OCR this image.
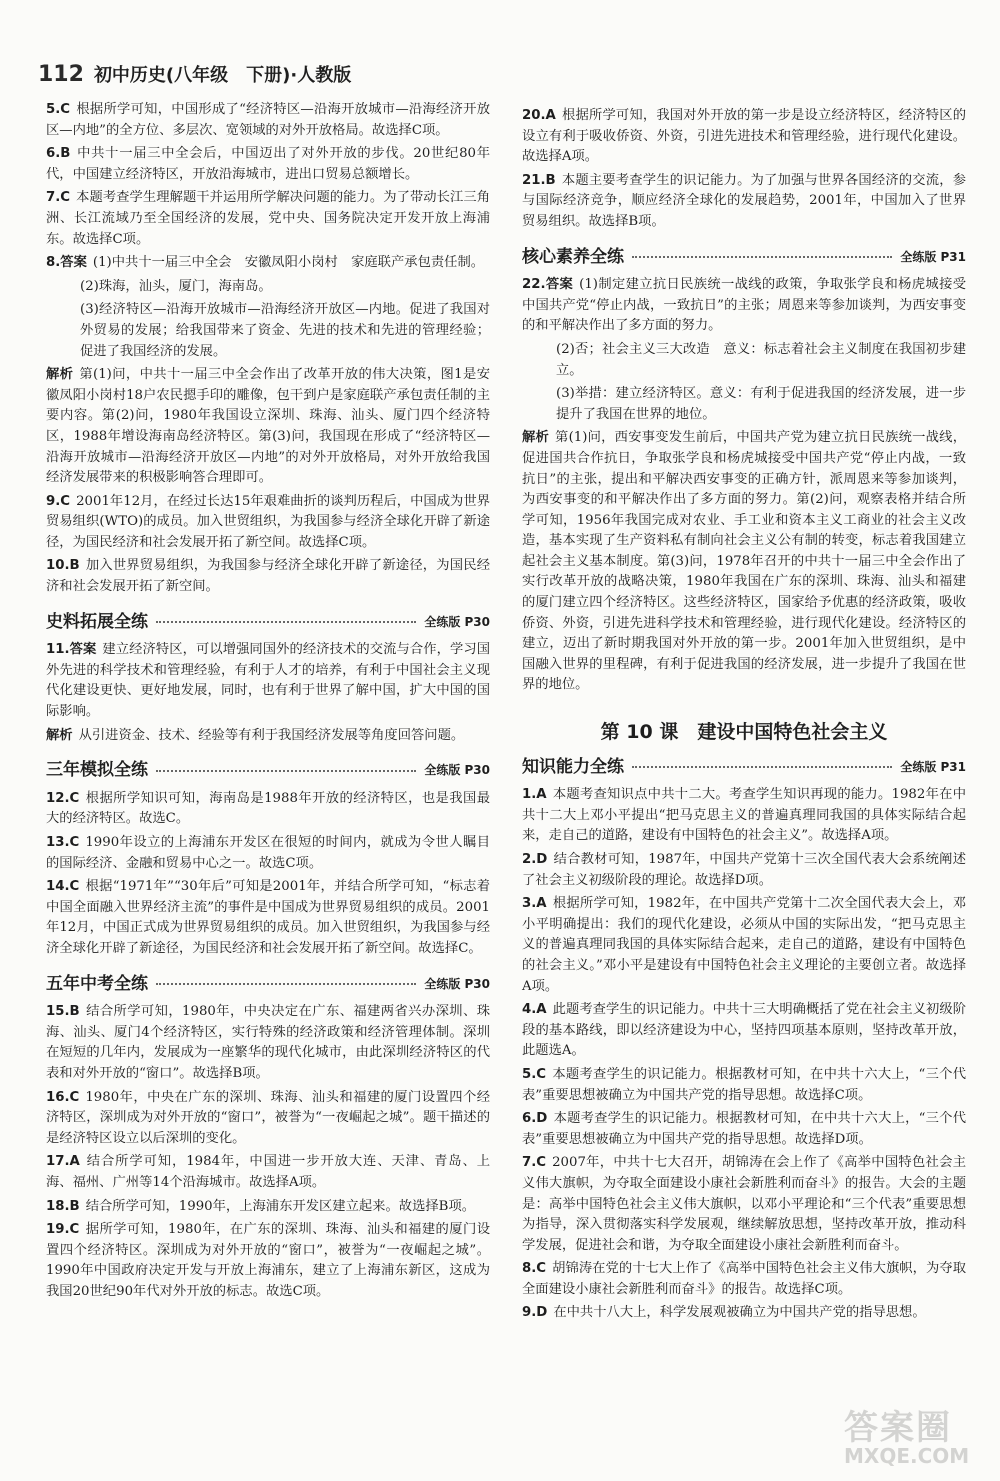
112 初中历史(八年级　下册)·人教版
5.C 根据所学可知，中国形成了“经济特区—沿海开放城市—沿海经济开放区—内地”的全方位、多层次、宽领域的对外开放格局。故选择C项。
6.B 中共十一届三中全会后，中国迈出了对外开放的步伐。20世纪80年代，中国建立经济特区，开放沿海城市，进出口贸易总额增长。
7.C 本题考查学生理解题干并运用所学解决问题的能力。为了带动长江三角洲、长江流域乃至全国经济的发展，党中央、国务院决定开发开放上海浦东。故选择C项。
8.答案 (1)中共十一届三中全会　安徽凤阳小岗村　家庭联产承包责任制。
(2)珠海，汕头，厦门，海南岛。
(3)经济特区—沿海开放城市—沿海经济开放区—内地。促进了我国对外贸易的发展；给我国带来了资金、先进的技术和先进的管理经验；促进了我国经济的发展。
解析 第(1)问，中共十一届三中全会作出了改革开放的伟大决策，图1是安徽凤阳小岗村18户农民摁手印的雕像，包干到户是家庭联产承包责任制的主要内容。第(2)问，1980年我国设立深圳、珠海、汕头、厦门四个经济特区，1988年增设海南岛经济特区。第(3)问，我国现在形成了“经济特区—沿海开放城市—沿海经济开放区—内地”的对外开放格局，对外开放给我国经济发展带来的积极影响答合理即可。
9.C 2001年12月，在经过长达15年艰难曲折的谈判历程后，中国成为世界贸易组织(WTO)的成员。加入世贸组织，为我国参与经济全球化开辟了新途径，为国民经济和社会发展开拓了新空间。故选择C项。
10.B 加入世界贸易组织，为我国参与经济全球化开辟了新途径，为国民经济和社会发展开拓了新空间。
史料拓展全练	全练版 P30
11.答案 建立经济特区，可以增强同国外的经济技术的交流与合作，学习国外先进的科学技术和管理经验，有利于人才的培养，有利于中国社会主义现代化建设更快、更好地发展，同时，也有利于世界了解中国，扩大中国的国际影响。
解析 从引进资金、技术、经验等有利于我国经济发展等角度回答问题。
三年模拟全练	全练版 P30
12.C 根据所学知识可知，海南岛是1988年开放的经济特区，也是我国最大的经济特区。故选C。
13.C 1990年设立的上海浦东开发区在很短的时间内，就成为令世人瞩目的国际经济、金融和贸易中心之一。故选C项。
14.C 根据“1971年”“30年后”可知是2001年，并结合所学可知，“标志着中国全面融入世界经济主流”的事件是中国成为世界贸易组织的成员。2001年12月，中国正式成为世界贸易组织的成员。加入世贸组织，为我国参与经济全球化开辟了新途径，为国民经济和社会发展开拓了新空间。故选择C。
五年中考全练	全练版 P30
15.B 结合所学可知，1980年，中央决定在广东、福建两省兴办深圳、珠海、汕头、厦门4个经济特区，实行特殊的经济政策和经济管理体制。深圳在短短的几年内，发展成为一座繁华的现代化城市，由此深圳经济特区的代表和对外开放的“窗口”。故选择B项。
16.C 1980年，中央在广东的深圳、珠海、汕头和福建的厦门设置四个经济特区，深圳成为对外开放的“窗口”，被誉为“一夜崛起之城”。题干描述的是经济特区设立以后深圳的变化。
17.A 结合所学可知，1984年，中国进一步开放大连、天津、青岛、上海、福州、广州等14个沿海城市。故选择A项。
18.B 结合所学可知，1990年，上海浦东开发区建立起来。故选择B项。
19.C 据所学可知，1980年，在广东的深圳、珠海、汕头和福建的厦门设置四个经济特区。深圳成为对外开放的“窗口”，被誉为“一夜崛起之城”。1990年中国政府决定开发与开放上海浦东，建立了上海浦东新区，这成为我国20世纪90年代对外开放的标志。故选C项。
20.A 根据所学可知，我国对外开放的第一步是设立经济特区，经济特区的设立有利于吸收侨资、外资，引进先进技术和管理经验，进行现代化建设。故选择A项。
21.B 本题主要考查学生的识记能力。为了加强与世界各国经济的交流，参与国际经济竞争，顺应经济全球化的发展趋势，2001年，中国加入了世界贸易组织。故选择B项。
核心素养全练	全练版 P31
22.答案 (1)制定建立抗日民族统一战线的政策，争取张学良和杨虎城接受中国共产党“停止内战，一致抗日”的主张；周恩来等参加谈判，为西安事变的和平解决作出了多方面的努力。
(2)否；社会主义三大改造　意义：标志着社会主义制度在我国初步建立。
(3)举措：建立经济特区。意义：有利于促进我国的经济发展，进一步提升了我国在世界的地位。
解析 第(1)问，西安事变发生前后，中国共产党为建立抗日民族统一战线，促进国共合作抗日，争取张学良和杨虎城接受中国共产党“停止内战，一致抗日”的主张，提出和平解决西安事变的正确方针，派周恩来等参加谈判，为西安事变的和平解决作出了多方面的努力。第(2)问，观察表格并结合所学可知，1956年我国完成对农业、手工业和资本主义工商业的社会主义改造，基本实现了生产资料私有制向社会主义公有制的转变，标志着我国建立起社会主义基本制度。第(3)问，1978年召开的中共十一届三中全会作出了实行改革开放的战略决策，1980年我国在广东的深圳、珠海、汕头和福建的厦门建立四个经济特区。这些经济特区，国家给予优惠的经济政策，吸收侨资、外资，引进先进科学技术和管理经验，进行现代化建设。经济特区的建立，迈出了新时期我国对外开放的第一步。2001年加入世贸组织，是中国融入世界的里程碑，有利于促进我国的经济发展，进一步提升了我国在世界的地位。
第 10 课　建设中国特色社会主义
知识能力全练	全练版 P31
1.A 本题考查知识点中共十二大。考查学生知识再现的能力。1982年在中共十二大上邓小平提出“把马克思主义的普遍真理同我国的具体实际结合起来，走自己的道路，建设有中国特色的社会主义”。故选择A项。
2.D 结合教材可知，1987年，中国共产党第十三次全国代表大会系统阐述了社会主义初级阶段的理论。故选择D项。
3.A 根据所学可知，1982年，在中国共产党第十二次全国代表大会上，邓小平明确提出：我们的现代化建设，必须从中国的实际出发，“把马克思主义的普遍真理同我国的具体实际结合起来，走自己的道路，建设有中国特色的社会主义。”邓小平是建设有中国特色社会主义理论的主要创立者。故选择A项。
4.A 此题考查学生的识记能力。中共十三大明确概括了党在社会主义初级阶段的基本路线，即以经济建设为中心，坚持四项基本原则，坚持改革开放，此题选A。
5.C 本题考查学生的识记能力。根据教材可知，在中共十六大上，“三个代表”重要思想被确立为中国共产党的指导思想。故选择C项。
6.D 本题考查学生的识记能力。根据教材可知，在中共十六大上，“三个代表”重要思想被确立为中国共产党的指导思想。故选择D项。
7.C 2007年，中共十七大召开，胡锦涛在会上作了《高举中国特色社会主义伟大旗帜，为夺取全面建设小康社会新胜利而奋斗》的报告。大会的主题是：高举中国特色社会主义伟大旗帜，以邓小平理论和“三个代表”重要思想为指导，深入贯彻落实科学发展观，继续解放思想，坚持改革开放，推动科学发展，促进社会和谐，为夺取全面建设小康社会新胜利而奋斗。
8.C 胡锦涛在党的十七大上作了《高举中国特色社会主义伟大旗帜，为夺取全面建设小康社会新胜利而奋斗》的报告。故选择C项。
9.D 在中共十八大上，科学发展观被确立为中国共产党的指导思想。
答案圈
MXQE.COM
